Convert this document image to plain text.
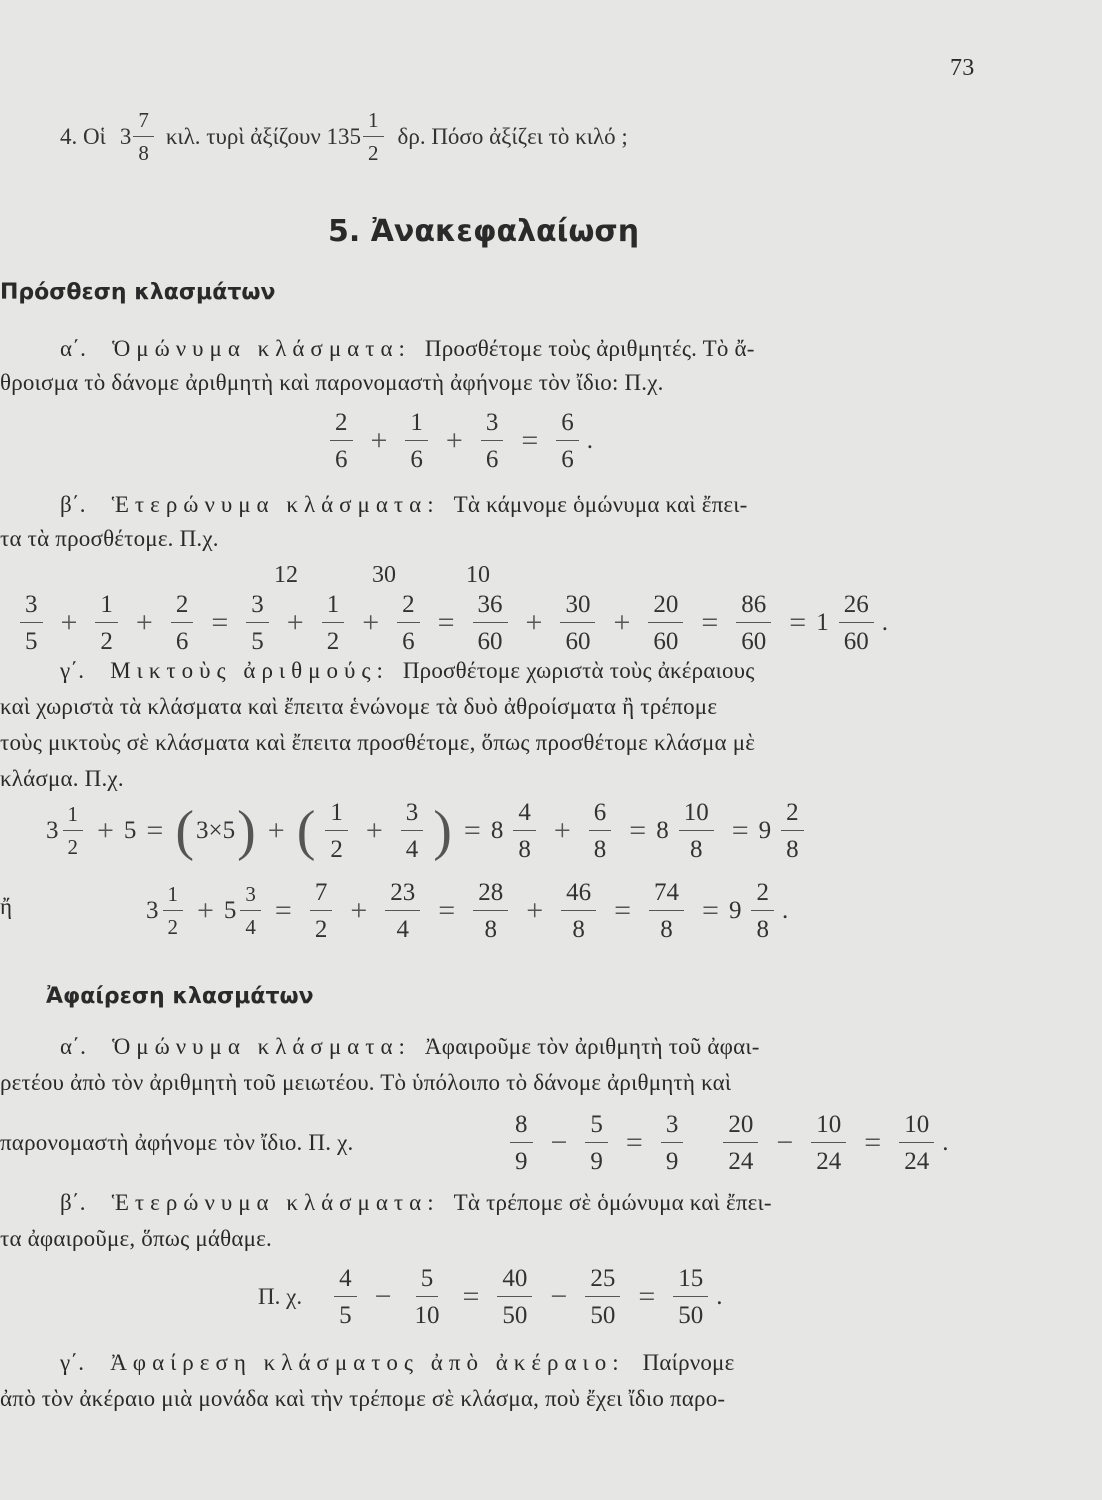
73
4. Οἱ $3 \frac{7}{8} \kappa\iota\lambda$. τυρὶ ἀξίζουν $135 \frac{1}{2} \delta\rho$. Πόσο ἀξίζει τὸ κιλό ;
5. Ἀνακεφαλαίωση
Πρόσθεση κλασμάτων
α΄. Ὁμώνυμα κλάσματα: Προσθέτομε τοὺς ἀριθμητές. Τὸ ἄ-
θροισμα τὸ δάνομε ἀριθμητὴ καὶ παρονομαστὴ ἀφήνομε τὸν ἴδιο: Π.χ.
$\frac{2}{6} + \frac{1}{6} + \frac{3}{6} = \frac{6}{6}$ .
β΄. Ἑτερώνυμα κλάσματα: Τὰ κάμνομε ὁμώνυμα καὶ ἔπει-
τα τὰ προσθέτομε. Π.χ.
12	30	10
$\frac{3}{5} + \frac{1}{2} + \frac{2}{6} = \frac{3}{5} + \frac{1}{2} + \frac{2}{6} = \frac{36}{60} + \frac{30}{60} + \frac{20}{60} = \frac{86}{60} = 1 \frac{26}{60}$ .
γ΄. Μικτοὺς ἀριθμούς: Προσθέτομε χωριστὰ τοὺς ἀκέραιους
καὶ χωριστὰ τὰ κλάσματα καὶ ἔπειτα ἑνώνομε τὰ δυὸ ἀθροίσματα ἢ τρέπομε
τοὺς μικτοὺς σὲ κλάσματα καὶ ἔπειτα προσθέτομε, ὅπως προσθέτομε κλάσμα μὲ
κλάσμα. Π.χ.
$3 \frac{1}{2} + 5$ = ( 3×5 ) + ( $\frac{1}{2} + \frac{3}{4}$ ) = $8 \frac{4}{8} + \frac{6}{8} = 8 \frac{10}{8} = 9 \frac{2}{8}$
ἤ	$3 \frac{1}{2} + 5 \frac{3}{4} = \frac{7}{2} + \frac{23}{4} = \frac{28}{8} + \frac{46}{8} = \frac{74}{8} = 9 \frac{2}{8}$ .
Ἀφαίρεση κλασμάτων
α΄. Ὁμώνυμα κλάσματα: Ἀφαιροῦμε τὸν ἀριθμητὴ τοῦ ἀφαι-
ρετέου ἀπὸ τὸν ἀριθμητὴ τοῦ μειωτέου. Τὸ ὑπόλοιπο τὸ δάνομε ἀριθμητὴ καὶ
παρονομαστὴ ἀφήνομε τὸν ἴδιο. Π. χ.	$\frac{8}{9} - \frac{5}{9} = \frac{3}{9} \frac{20}{24} - \frac{10}{24} = \frac{10}{24}$ .
β΄. Ἑτερώνυμα κλάσματα: Τὰ τρέπομε σὲ ὁμώνυμα καὶ ἔπει-
τα ἀφαιροῦμε, ὅπως μάθαμε.
Π. χ. $\frac{4}{5} - \frac{5}{10} = \frac{40}{50} - \frac{25}{50} = \frac{15}{50}$ .
γ΄. Ἀφαίρεση κλάσματος ἀπὸ ἀκέραιο: Παίρνομε
ἀπὸ τὸν ἀκέραιο μιὰ μονάδα καὶ τὴν τρέπομε σὲ κλάσμα, ποὺ ἔχει ἴδιο παρο-
